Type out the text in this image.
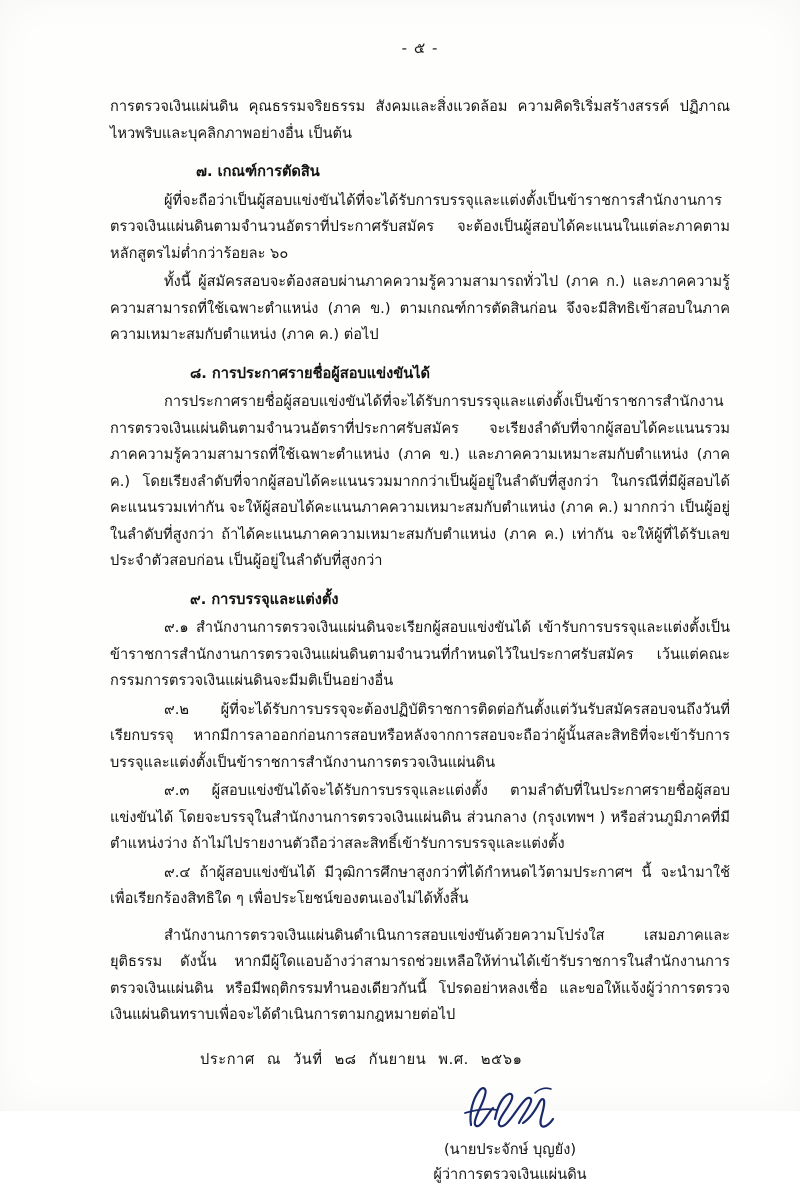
- ๕ -

การตรวจเงินแผ่นดิน คุณธรรมจริยธรรม สังคมและสิ่งแวดล้อม ความคิดริเริ่มสร้างสรรค์ ปฏิภาณไหวพริบและบุคลิกภาพอย่างอื่น เป็นต้น

๗. เกณฑ์การตัดสิน

ผู้ที่จะถือว่าเป็นผู้สอบแข่งขันได้ที่จะได้รับการบรรจุและแต่งตั้งเป็นข้าราชการสำนักงานการตรวจเงินแผ่นดินตามจำนวนอัตราที่ประกาศรับสมัคร จะต้องเป็นผู้สอบได้คะแนนในแต่ละภาคตามหลักสูตรไม่ต่ำกว่าร้อยละ ๖๐

ทั้งนี้ ผู้สมัครสอบจะต้องสอบผ่านภาคความรู้ความสามารถทั่วไป (ภาค ก.) และภาคความรู้ความสามารถที่ใช้เฉพาะตำแหน่ง (ภาค ข.) ตามเกณฑ์การตัดสินก่อน จึงจะมีสิทธิเข้าสอบในภาคความเหมาะสมกับตำแหน่ง (ภาค ค.) ต่อไป

๘. การประกาศรายชื่อผู้สอบแข่งขันได้

การประกาศรายชื่อผู้สอบแข่งขันได้ที่จะได้รับการบรรจุและแต่งตั้งเป็นข้าราชการสำนักงานการตรวจเงินแผ่นดินตามจำนวนอัตราที่ประกาศรับสมัคร จะเรียงลำดับที่จากผู้สอบได้คะแนนรวมภาคความรู้ความสามารถที่ใช้เฉพาะตำแหน่ง (ภาค ข.) และภาคความเหมาะสมกับตำแหน่ง (ภาค ค.) โดยเรียงลำดับที่จากผู้สอบได้คะแนนรวมมากกว่าเป็นผู้อยู่ในลำดับที่สูงกว่า ในกรณีที่มีผู้สอบได้คะแนนรวมเท่ากัน จะให้ผู้สอบได้คะแนนภาคความเหมาะสมกับตำแหน่ง (ภาค ค.) มากกว่า เป็นผู้อยู่ในลำดับที่สูงกว่า ถ้าได้คะแนนภาคความเหมาะสมกับตำแหน่ง (ภาค ค.) เท่ากัน จะให้ผู้ที่ได้รับเลขประจำตัวสอบก่อน เป็นผู้อยู่ในลำดับที่สูงกว่า

๙. การบรรจุและแต่งตั้ง

๙.๑ สำนักงานการตรวจเงินแผ่นดินจะเรียกผู้สอบแข่งขันได้ เข้ารับการบรรจุและแต่งตั้งเป็นข้าราชการสำนักงานการตรวจเงินแผ่นดินตามจำนวนที่กำหนดไว้ในประกาศรับสมัคร เว้นแต่คณะกรรมการตรวจเงินแผ่นดินจะมีมติเป็นอย่างอื่น

๙.๒ ผู้ที่จะได้รับการบรรจุจะต้องปฏิบัติราชการติดต่อกันตั้งแต่วันรับสมัครสอบจนถึงวันที่เรียกบรรจุ หากมีการลาออกก่อนการสอบหรือหลังจากการสอบจะถือว่าผู้นั้นสละสิทธิที่จะเข้ารับการบรรจุและแต่งตั้งเป็นข้าราชการสำนักงานการตรวจเงินแผ่นดิน

๙.๓ ผู้สอบแข่งขันได้จะได้รับการบรรจุและแต่งตั้ง ตามลำดับที่ในประกาศรายชื่อผู้สอบแข่งขันได้ โดยจะบรรจุในสำนักงานการตรวจเงินแผ่นดิน ส่วนกลาง (กรุงเทพฯ ) หรือส่วนภูมิภาคที่มีตำแหน่งว่าง ถ้าไม่ไปรายงานตัวถือว่าสละสิทธิ์เข้ารับการบรรจุและแต่งตั้ง

๙.๔ ถ้าผู้สอบแข่งขันได้ มีวุฒิการศึกษาสูงกว่าที่ได้กำหนดไว้ตามประกาศฯ นี้ จะนำมาใช้เพื่อเรียกร้องสิทธิใด ๆ เพื่อประโยชน์ของตนเองไม่ได้ทั้งสิ้น

สำนักงานการตรวจเงินแผ่นดินดำเนินการสอบแข่งขันด้วยความโปร่งใส เสมอภาคและยุติธรรม ดังนั้น หากมีผู้ใดแอบอ้างว่าสามารถช่วยเหลือให้ท่านได้เข้ารับราชการในสำนักงานการตรวจเงินแผ่นดิน หรือมีพฤติกรรมทำนองเดียวกันนี้ โปรดอย่าหลงเชื่อ และขอให้แจ้งผู้ว่าการตรวจเงินแผ่นดินทราบเพื่อจะได้ดำเนินการตามกฎหมายต่อไป

ประกาศ ณ วันที่ ๒๘ กันยายน พ.ศ. ๒๕๖๑

(นายประจักษ์ บุญยัง)
ผู้ว่าการตรวจเงินแผ่นดิน
